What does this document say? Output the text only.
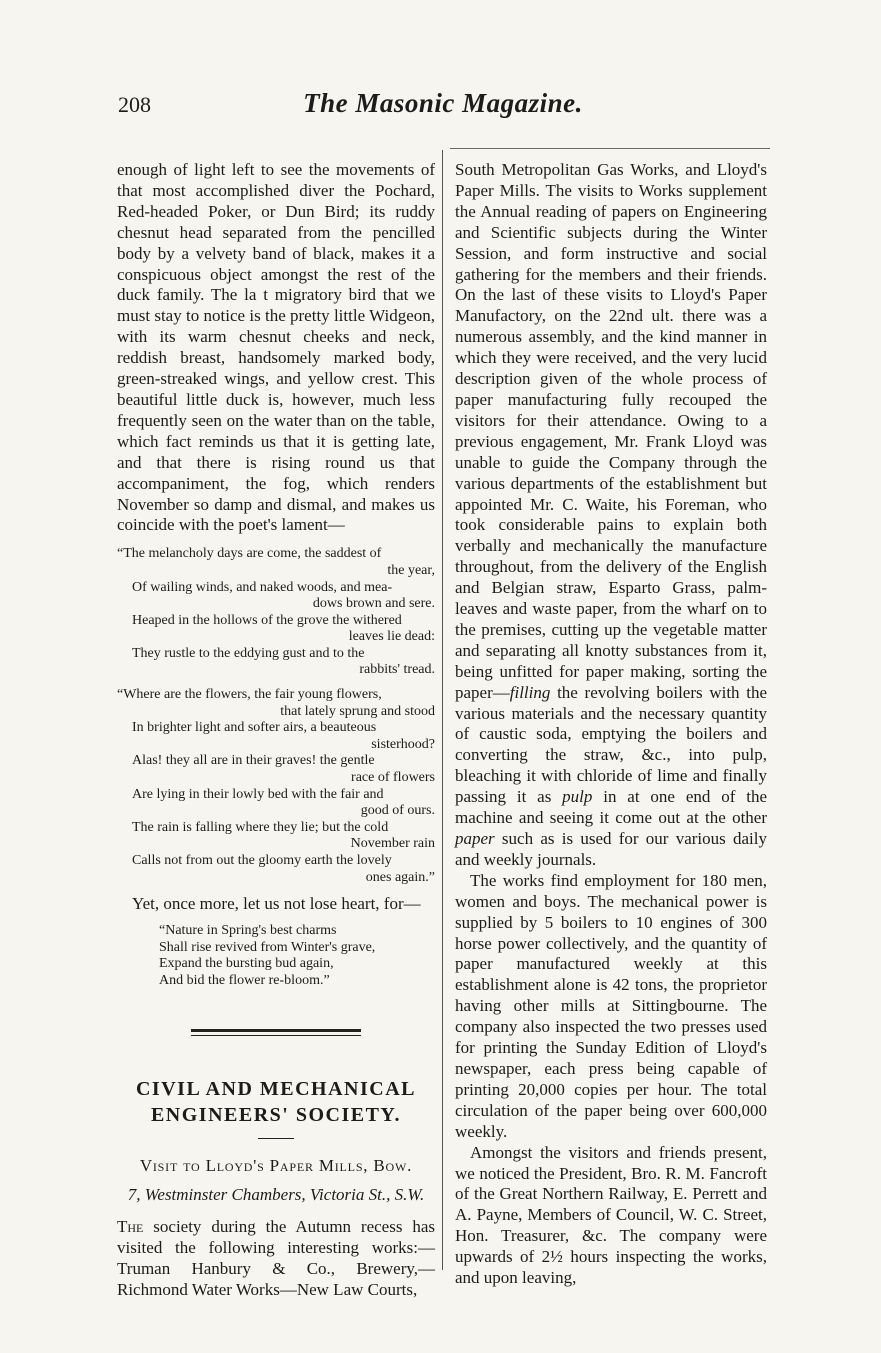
208	The Masonic Magazine.

enough of light left to see the movements of that most accomplished diver the Pochard, Red-headed Poker, or Dun Bird; its ruddy chesnut head separated from the pencilled body by a velvety band of black, makes it a conspicuous object amongst the rest of the duck family. The la t migratory bird that we must stay to notice is the pretty little Widgeon, with its warm chesnut cheeks and neck, reddish breast, handsomely marked body, green-streaked wings, and yellow crest. This beautiful little duck is, however, much less frequently seen on the water than on the table, which fact reminds us that it is getting late, and that there is rising round us that accompaniment, the fog, which renders November so damp and dismal, and makes us coincide with the poet's lament—

“The melancholy days are come, the saddest of
the year,
Of wailing winds, and naked woods, and mea-
dows brown and sere.
Heaped in the hollows of the grove the withered
leaves lie dead:
They rustle to the eddying gust and to the
rabbits' tread.
“Where are the flowers, the fair young flowers,
that lately sprung and stood
In brighter light and softer airs, a beauteous
sisterhood?
Alas! they all are in their graves! the gentle
race of flowers
Are lying in their lowly bed with the fair and
good of ours.
The rain is falling where they lie; but the cold
November rain
Calls not from out the gloomy earth the lovely
ones again.”

Yet, once more, let us not lose heart, for—

“Nature in Spring's best charms
Shall rise revived from Winter's grave,
Expand the bursting bud again,
And bid the flower re-bloom.”
CIVIL AND MECHANICAL ENGINEERS' SOCIETY.

Visit to Lloyd's Paper Mills, Bow.

7, Westminster Chambers, Victoria St., S.W.

The society during the Autumn recess has visited the following interesting works:—Truman Hanbury & Co., Brewery,—Richmond Water Works—New Law Courts,

South Metropolitan Gas Works, and Lloyd's Paper Mills. The visits to Works supplement the Annual reading of papers on Engineering and Scientific subjects during the Winter Session, and form instructive and social gathering for the members and their friends. On the last of these visits to Lloyd's Paper Manufactory, on the 22nd ult. there was a numerous assembly, and the kind manner in which they were received, and the very lucid description given of the whole process of paper manufacturing fully recouped the visitors for their attendance. Owing to a previous engagement, Mr. Frank Lloyd was unable to guide the Company through the various departments of the establishment but appointed Mr. C. Waite, his Foreman, who took considerable pains to explain both verbally and mechanically the manufacture throughout, from the delivery of the English and Belgian straw, Esparto Grass, palm-leaves and waste paper, from the wharf on to the premises, cutting up the vegetable matter and separating all knotty substances from it, being unfitted for paper making, sorting the paper—filling the revolving boilers with the various materials and the necessary quantity of caustic soda, emptying the boilers and converting the straw, &c., into pulp, bleaching it with chloride of lime and finally passing it as pulp in at one end of the machine and seeing it come out at the other paper such as is used for our various daily and weekly journals.

The works find employment for 180 men, women and boys. The mechanical power is supplied by 5 boilers to 10 engines of 300 horse power collectively, and the quantity of paper manufactured weekly at this establishment alone is 42 tons, the proprietor having other mills at Sittingbourne. The company also inspected the two presses used for printing the Sunday Edition of Lloyd's newspaper, each press being capable of printing 20,000 copies per hour. The total circulation of the paper being over 600,000 weekly.

Amongst the visitors and friends present, we noticed the President, Bro. R. M. Fancroft of the Great Northern Railway, E. Perrett and A. Payne, Members of Council, W. C. Street, Hon. Treasurer, &c. The company were upwards of 2½ hours inspecting the works, and upon leaving,
